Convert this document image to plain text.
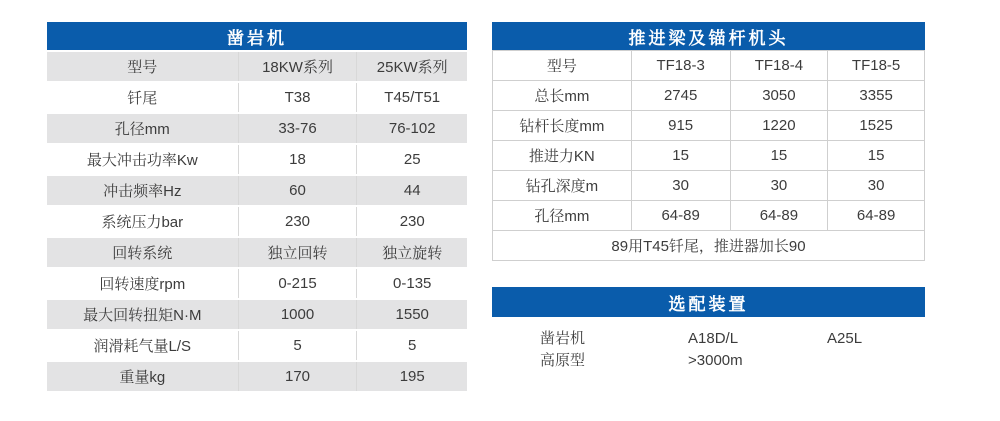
凿岩机
型号	18KW系列	25KW系列
钎尾	T38	T45/T51
孔径mm	33-76	76-102
最大冲击功率Kw	18	25
冲击频率Hz	60	44
系统压力bar	230	230
回转系统	独立回转	独立旋转
回转速度rpm	0-215	0-135
最大回转扭矩N·M	1000	1550
润滑耗气量L/S	5	5
重量kg	170	195
推进梁及锚杆机头
型号	TF18-3	TF18-4	TF18-5
总长mm	2745	3050	3355
钻杆长度mm	915	1220	1525
推进力KN	15	15	15
钻孔深度m	30	30	30
孔径mm	64-89	64-89	64-89
89用T45钎尾，推进器加长90			
选配装置
凿岩机	A18D/L	A25L
高原型	>3000m
